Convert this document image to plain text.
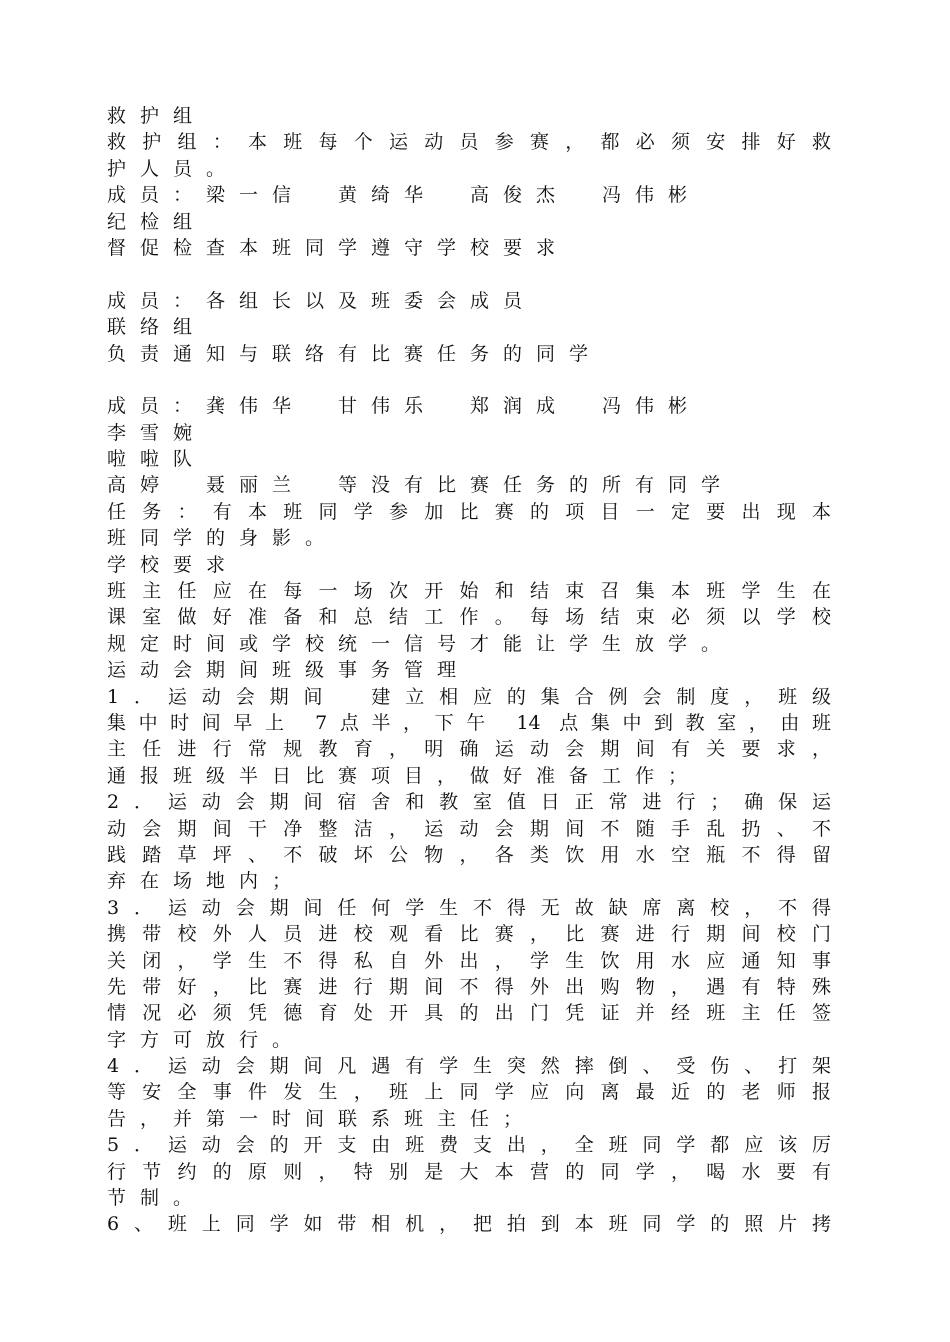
救护组
救护组：本班每个运动员参赛，都必须安排好救
护人员。
成员：梁一信　黄绮华　高俊杰　冯伟彬
纪检组
督促检查本班同学遵守学校要求
成员：各组长以及班委会成员
联络组
负责通知与联络有比赛任务的同学
成员：龚伟华　甘伟乐　郑润成　冯伟彬
李雪婉
啦啦队
高婷　聂丽兰　等没有比赛任务的所有同学
任务：有本班同学参加比赛的项目一定要出现本
班同学的身影。
学校要求
班主任应在每一场次开始和结束召集本班学生在
课室做好准备和总结工作。每场结束必须以学校
规定时间或学校统一信号才能让学生放学。
运动会期间班级事务管理
1．运动会期间　建立相应的集合例会制度，班级
集中时间早上 7点半，下午 14 点集中到教室，由班
主任进行常规教育，明确运动会期间有关要求，
通报班级半日比赛项目，做好准备工作；
2．运动会期间宿舍和教室值日正常进行；确保运
动会期间干净整洁，运动会期间不随手乱扔、不
践踏草坪、不破坏公物，各类饮用水空瓶不得留
弃在场地内；
3．运动会期间任何学生不得无故缺席离校，不得
携带校外人员进校观看比赛，比赛进行期间校门
关闭，学生不得私自外出，学生饮用水应通知事
先带好，比赛进行期间不得外出购物，遇有特殊
情况必须凭德育处开具的出门凭证并经班主任签
字方可放行。
4．运动会期间凡遇有学生突然摔倒、受伤、打架
等安全事件发生，班上同学应向离最近的老师报
告，并第一时间联系班主任；
5．运动会的开支由班费支出，全班同学都应该厉
行节约的原则，特别是大本营的同学，喝水要有
节制。
6、班上同学如带相机，把拍到本班同学的照片拷
